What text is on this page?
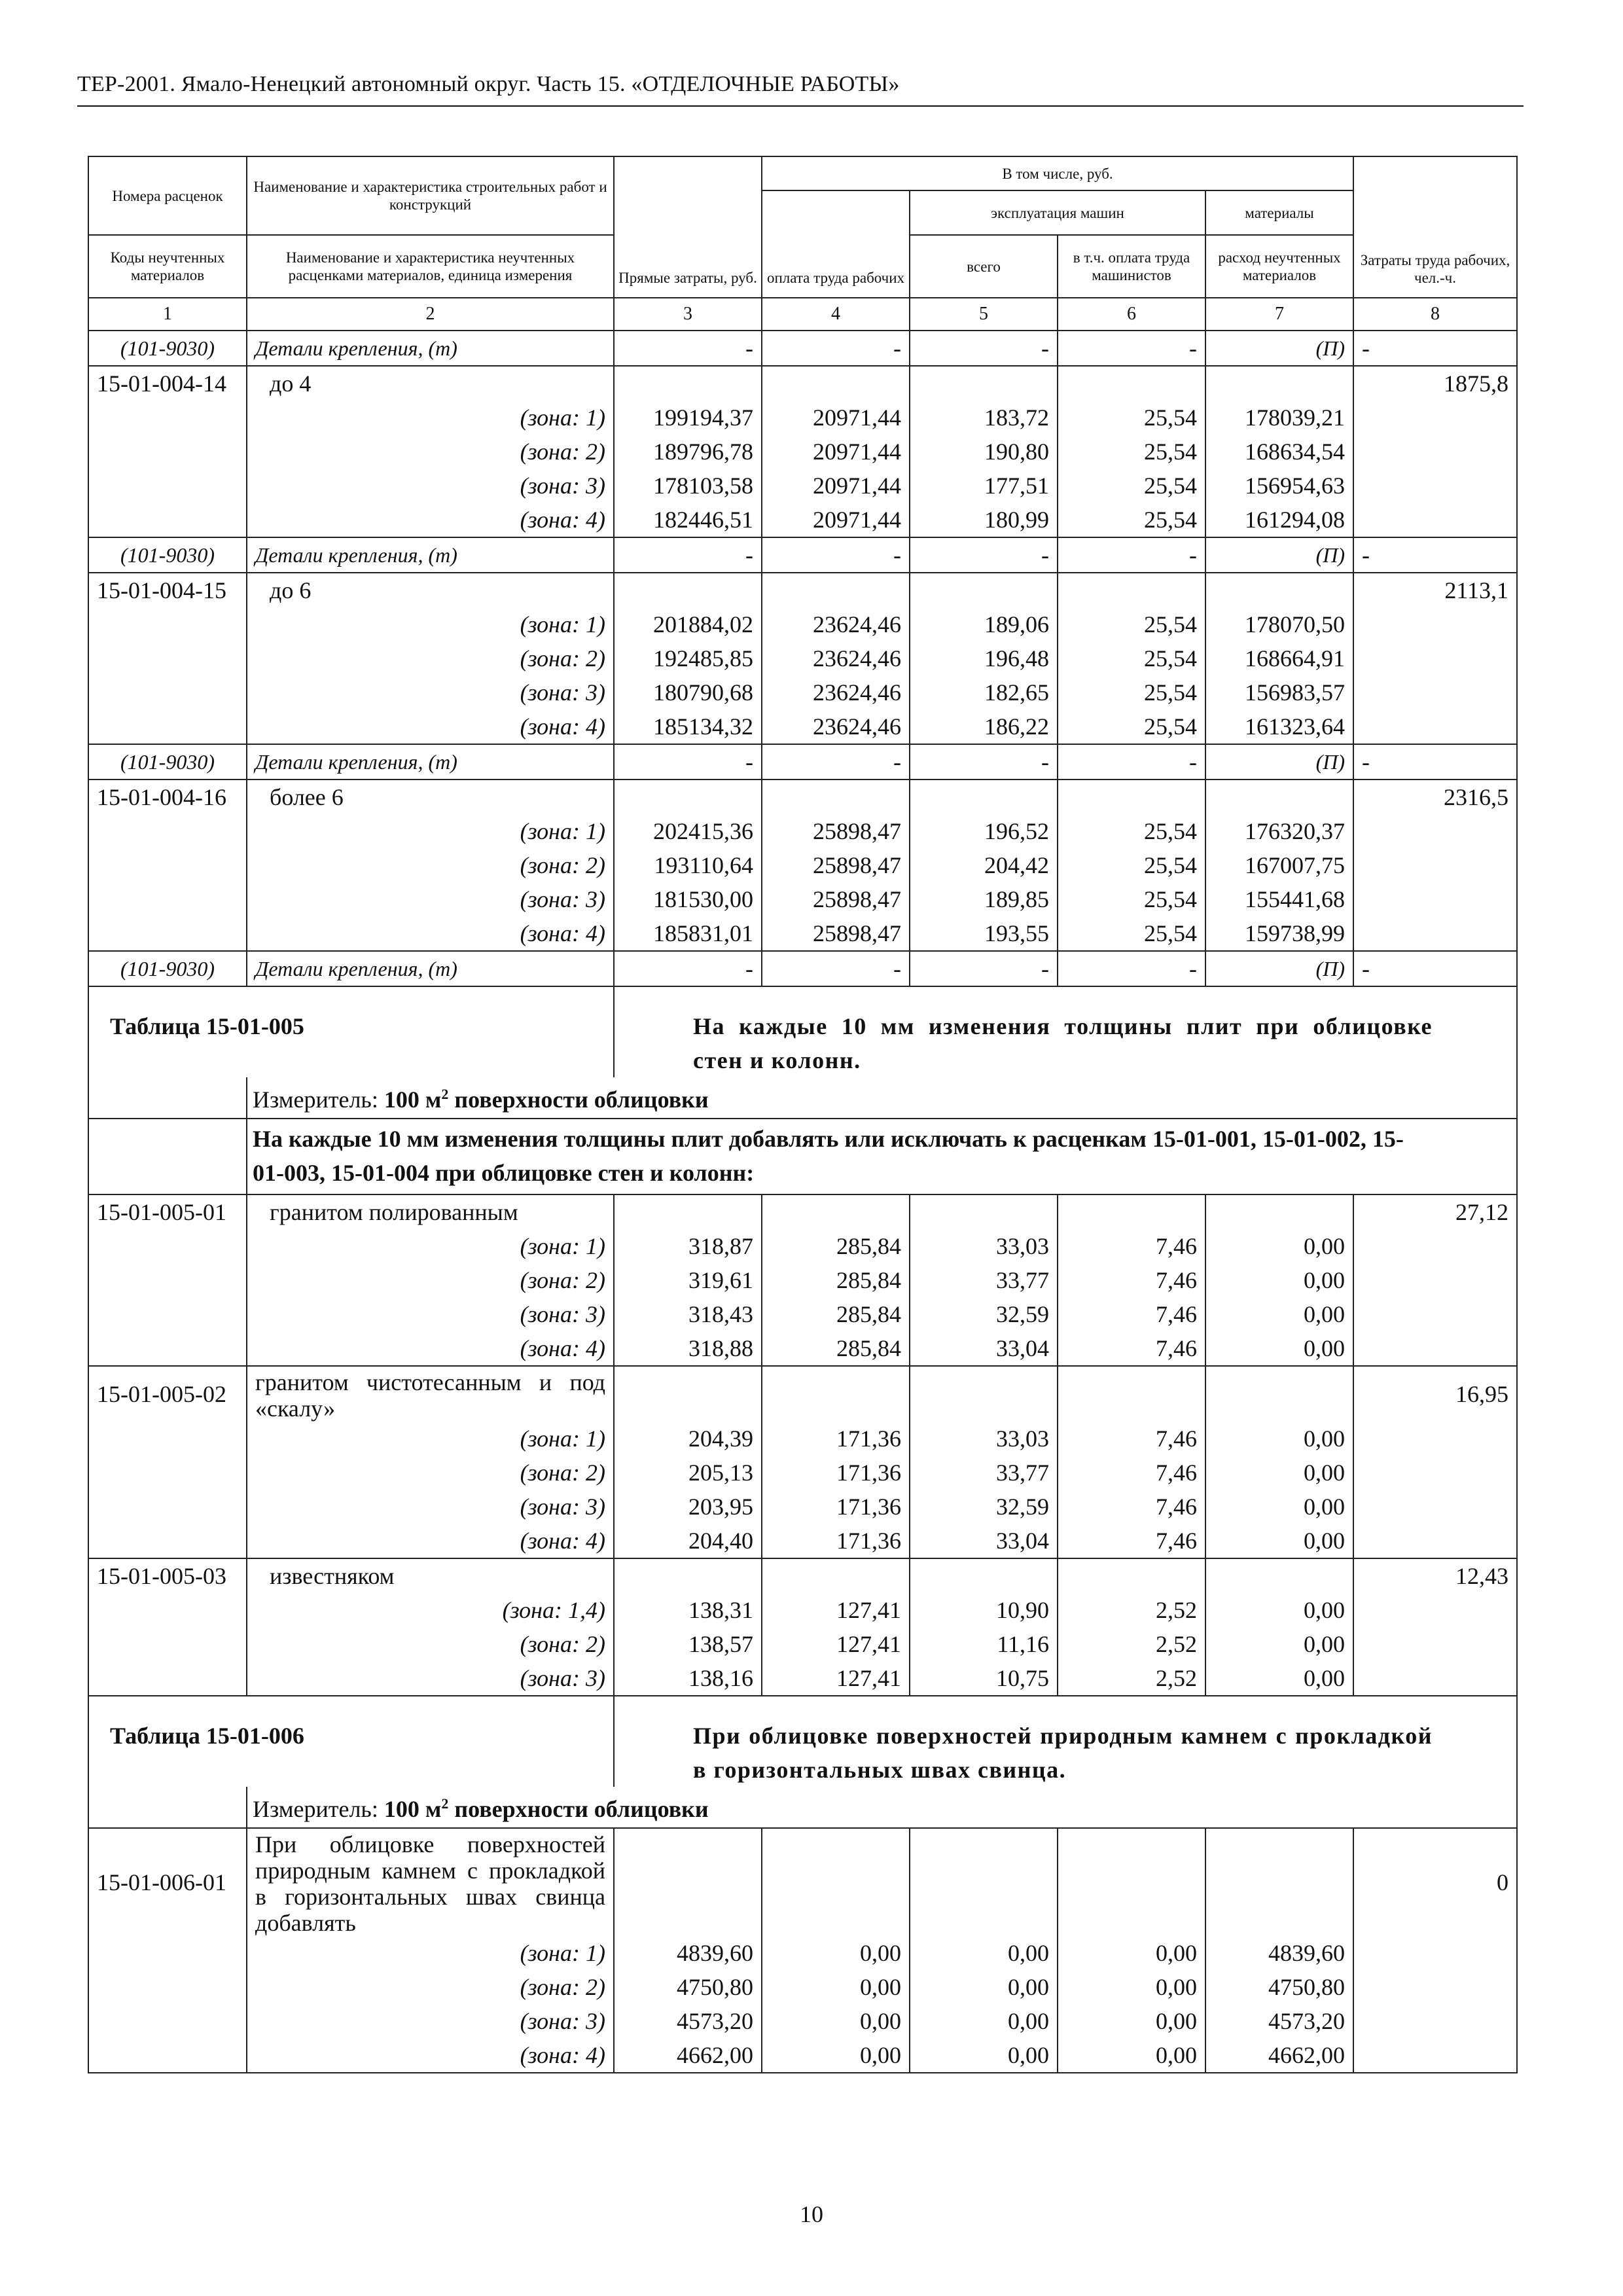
ТЕР-2001. Ямало-Ненецкий автономный округ. Часть 15. «ОТДЕЛОЧНЫЕ РАБОТЫ»
Номера расценок	Наименование и характеристика строительных работ и конструкций	Прямые затраты, руб.	В том числе, руб.				Затраты труда рабочих, чел.-ч.
			оплата труда рабочих	эксплуатация машин		материалы	
Коды неучтенных материалов	Наименование и характеристика неучтенных расценками материалов, единица измерения			всего	в т.ч. оплата труда машинистов	расход неучтенных материалов	
1	2	3	4	5	6	7	8
(101-9030)	Детали крепления, (т)	-	-	-	-	(П)	-
15-01-004-14	до 4						1875,8
	(зона: 1)	199194,37	20971,44	183,72	25,54	178039,21	
	(зона: 2)	189796,78	20971,44	190,80	25,54	168634,54	
	(зона: 3)	178103,58	20971,44	177,51	25,54	156954,63	
	(зона: 4)	182446,51	20971,44	180,99	25,54	161294,08	
(101-9030)	Детали крепления, (т)	-	-	-	-	(П)	-
15-01-004-15	до 6						2113,1
	(зона: 1)	201884,02	23624,46	189,06	25,54	178070,50	
	(зона: 2)	192485,85	23624,46	196,48	25,54	168664,91	
	(зона: 3)	180790,68	23624,46	182,65	25,54	156983,57	
	(зона: 4)	185134,32	23624,46	186,22	25,54	161323,64	
(101-9030)	Детали крепления, (т)	-	-	-	-	(П)	-
15-01-004-16	более 6						2316,5
	(зона: 1)	202415,36	25898,47	196,52	25,54	176320,37	
	(зона: 2)	193110,64	25898,47	204,42	25,54	167007,75	
	(зона: 3)	181530,00	25898,47	189,85	25,54	155441,68	
	(зона: 4)	185831,01	25898,47	193,55	25,54	159738,99	
(101-9030)	Детали крепления, (т)	-	-	-	-	(П)	-
Таблица 15-01-005		На каждые 10 мм изменения толщины плит при облицовке стен и колонн.					
	Измеритель: 100 $м^2$ поверхности облицовки						
	На каждые 10 мм изменения толщины плит добавлять или исключать к расценкам 15-01-001, 15-01-002, 15-01-003, 15-01-004 при облицовке стен и колонн:						
15-01-005-01	гранитом полированным						27,12
	(зона: 1)	318,87	285,84	33,03	7,46	0,00	
	(зона: 2)	319,61	285,84	33,77	7,46	0,00	
	(зона: 3)	318,43	285,84	32,59	7,46	0,00	
	(зона: 4)	318,88	285,84	33,04	7,46	0,00	
15-01-005-02	гранитом чистотесанным и под «скалу»						16,95
	(зона: 1)	204,39	171,36	33,03	7,46	0,00	
	(зона: 2)	205,13	171,36	33,77	7,46	0,00	
	(зона: 3)	203,95	171,36	32,59	7,46	0,00	
	(зона: 4)	204,40	171,36	33,04	7,46	0,00	
15-01-005-03	известняком						12,43
	(зона: 1,4)	138,31	127,41	10,90	2,52	0,00	
	(зона: 2)	138,57	127,41	11,16	2,52	0,00	
	(зона: 3)	138,16	127,41	10,75	2,52	0,00	
Таблица 15-01-006		При облицовке поверхностей природным камнем с прокладкой в горизонтальных швах свинца.					
	Измеритель: 100 $м^2$ поверхности облицовки						
15-01-006-01	При облицовке поверхностей природным камнем с прокладкой в горизонтальных швах свинца добавлять						0
	(зона: 1)	4839,60	0,00	0,00	0,00	4839,60	
	(зона: 2)	4750,80	0,00	0,00	0,00	4750,80	
	(зона: 3)	4573,20	0,00	0,00	0,00	4573,20	
	(зона: 4)	4662,00	0,00	0,00	0,00	4662,00	
10
